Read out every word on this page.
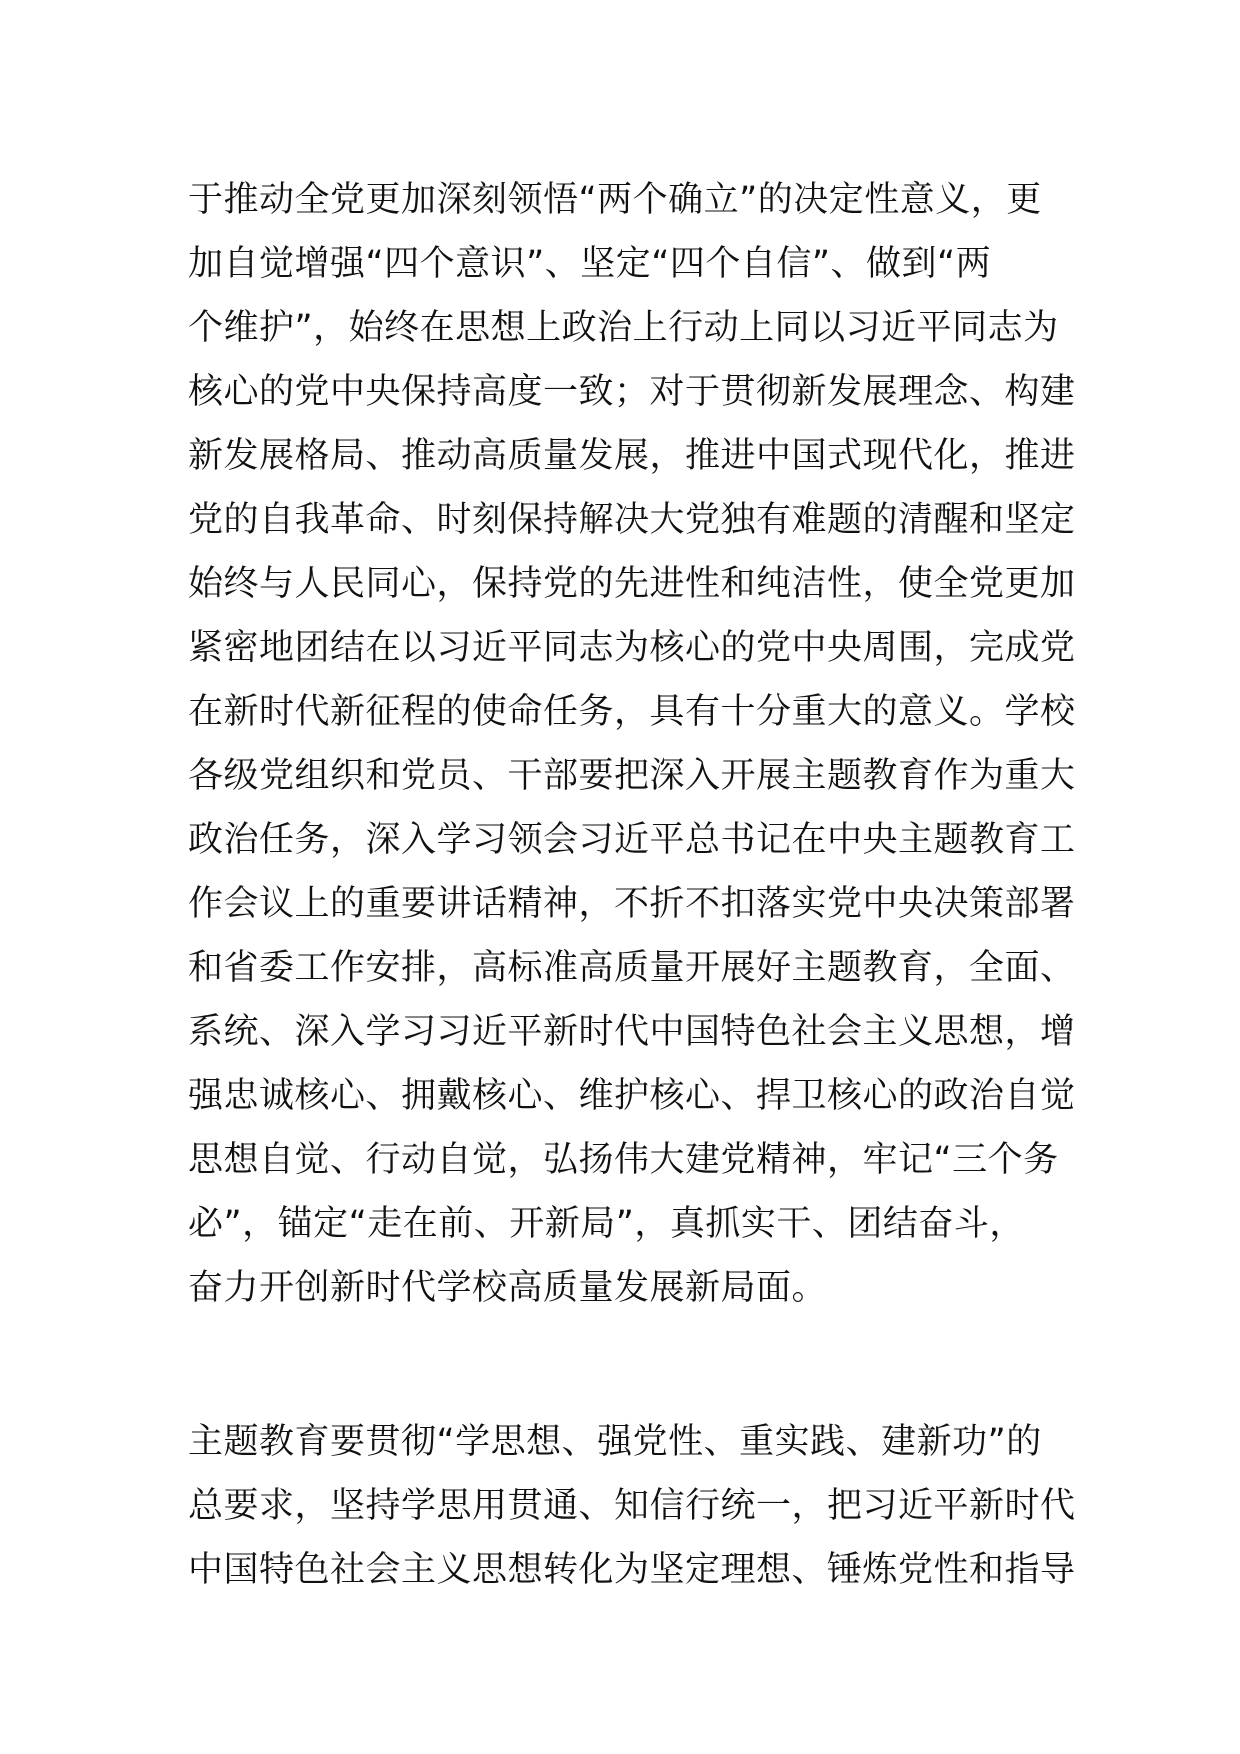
于推动全党更加深刻领悟“两个确立”的决定性意义，更
加自觉增强“四个意识”、坚定“四个自信”、做到“两
个维护”，始终在思想上政治上行动上同以习近平同志为
核心的党中央保持高度一致；对于贯彻新发展理念、构建
新发展格局、推动高质量发展，推进中国式现代化，推进
党的自我革命、时刻保持解决大党独有难题的清醒和坚定
始终与人民同心，保持党的先进性和纯洁性，使全党更加
紧密地团结在以习近平同志为核心的党中央周围，完成党
在新时代新征程的使命任务，具有十分重大的意义。学校
各级党组织和党员、干部要把深入开展主题教育作为重大
政治任务，深入学习领会习近平总书记在中央主题教育工
作会议上的重要讲话精神，不折不扣落实党中央决策部署
和省委工作安排，高标准高质量开展好主题教育，全面、
系统、深入学习习近平新时代中国特色社会主义思想，增
强忠诚核心、拥戴核心、维护核心、捍卫核心的政治自觉
思想自觉、行动自觉，弘扬伟大建党精神，牢记“三个务
必”，锚定“走在前、开新局”，真抓实干、团结奋斗，
奋力开创新时代学校高质量发展新局面。
主题教育要贯彻“学思想、强党性、重实践、建新功”的
总要求，坚持学思用贯通、知信行统一，把习近平新时代
中国特色社会主义思想转化为坚定理想、锤炼党性和指导
